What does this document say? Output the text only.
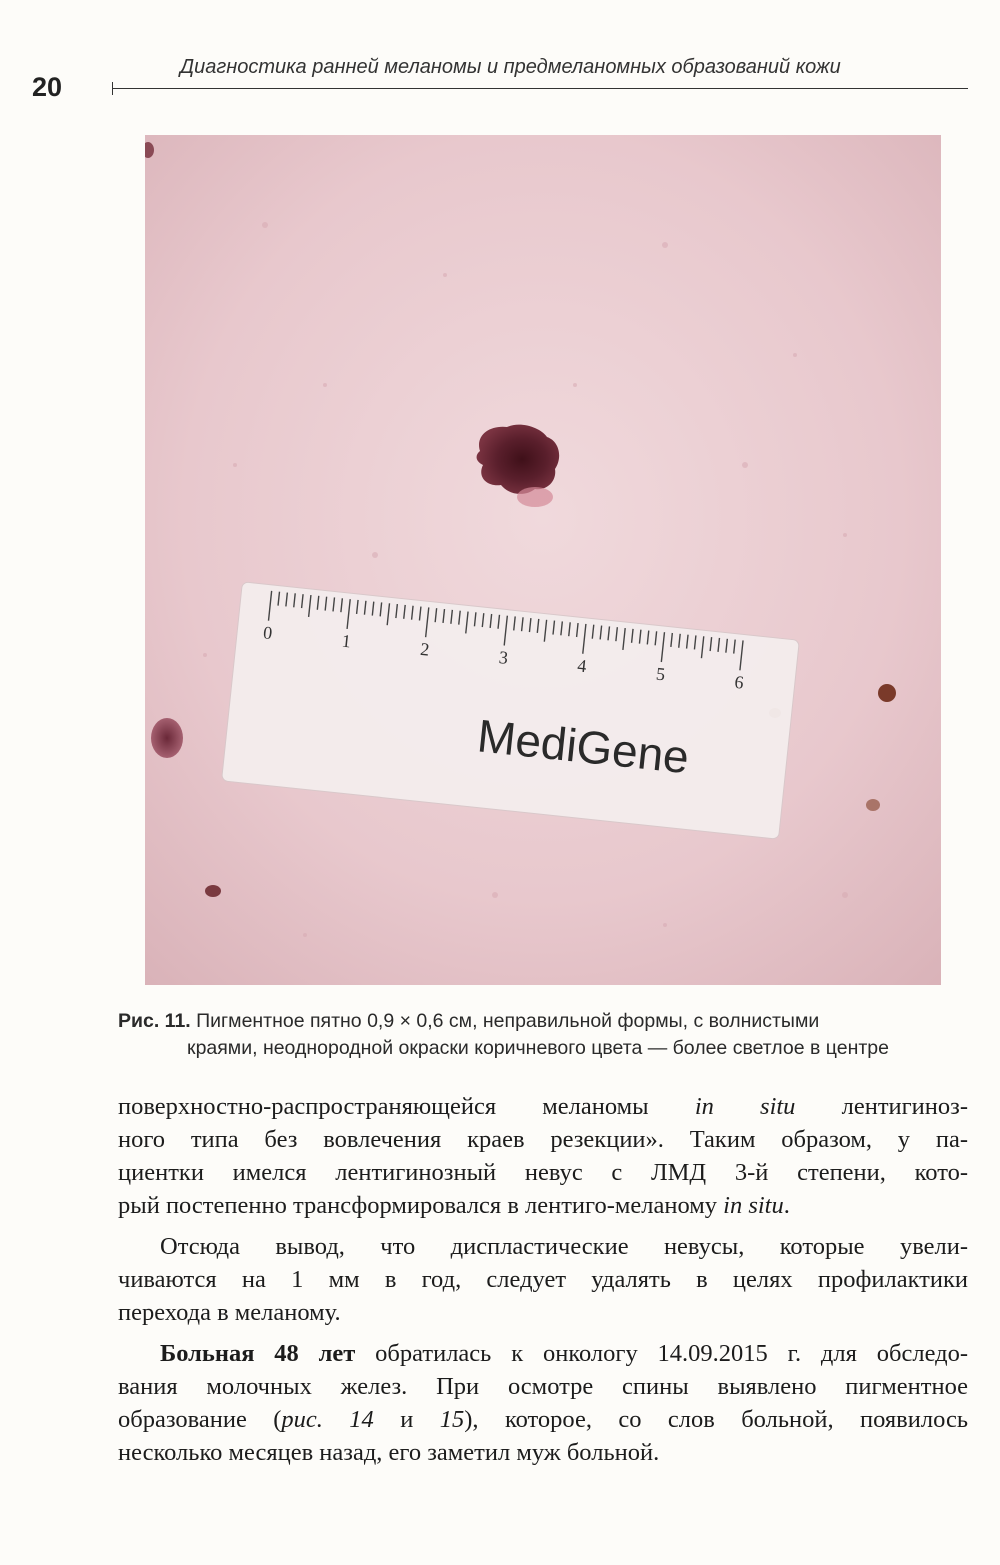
20
Диагностика ранней меланомы и предмеланомных образований кожи
0	1	2	3	4	5	6
MediGene
Рис. 11. Пигментное пятно 0,9 × 0,6 см, неправильной формы, с волнистыми
краями, неоднородной окраски коричневого цвета — более светлое в центре

поверхностно-распространяющейся меланомы in situ лентигиноз-
ного типа без вовлечения краев резекции». Таким образом, у па-
циентки имелся лентигинозный невус с ЛМД 3-й степени, кото-
рый постепенно трансформировался в лентиго-меланому in situ.

Отсюда вывод, что диспластические невусы, которые увели-
чиваются на 1 мм в год, следует удалять в целях профилактики
перехода в меланому.

Больная 48 лет обратилась к онкологу 14.09.2015 г. для обследо-
вания молочных желез. При осмотре спины выявлено пигментное
образование (рис. 14 и 15), которое, со слов больной, появилось
несколько месяцев назад, его заметил муж больной.
